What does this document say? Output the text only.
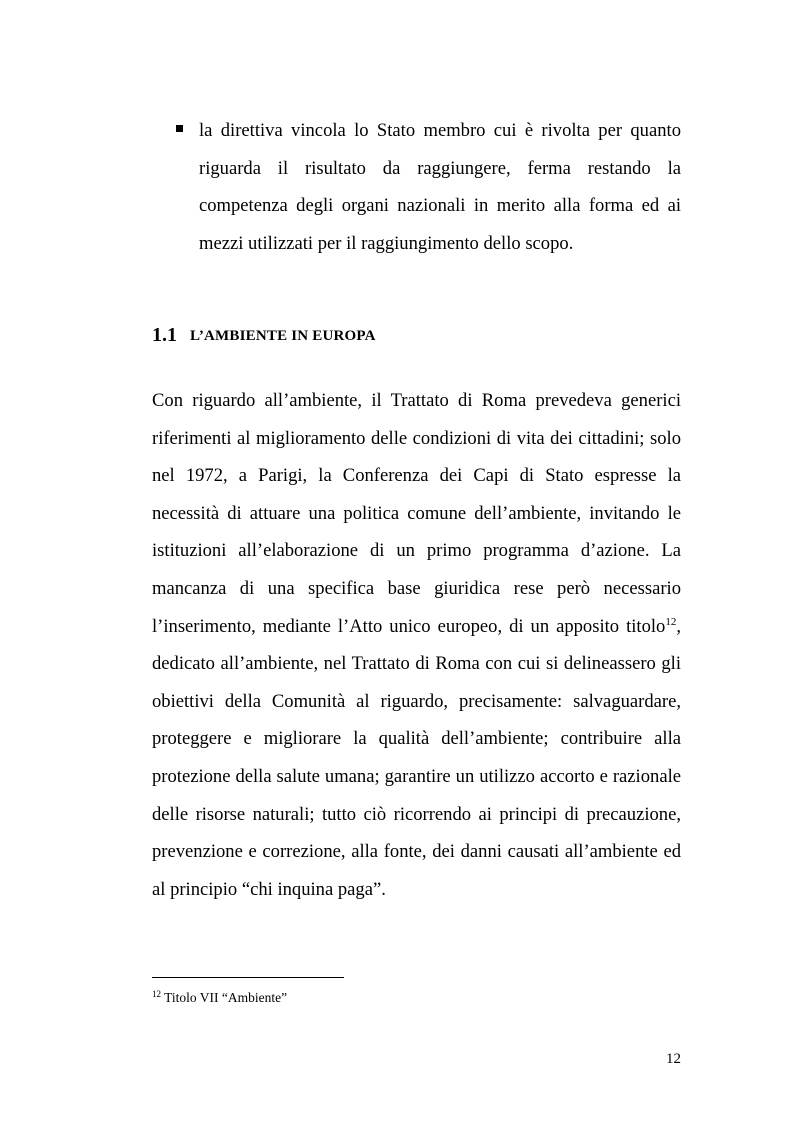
la direttiva vincola lo Stato membro cui è rivolta per quanto riguarda il risultato da raggiungere, ferma restando la competenza degli organi nazionali in merito alla forma ed ai mezzi utilizzati per il raggiungimento dello scopo.
1.1 L’AMBIENTE IN EUROPA
Con riguardo all’ambiente, il Trattato di Roma prevedeva generici riferimenti al miglioramento delle condizioni di vita dei cittadini; solo nel 1972, a Parigi, la Conferenza dei Capi di Stato espresse la necessità di attuare una politica comune dell’ambiente, invitando le istituzioni all’elaborazione di un primo programma d’azione. La mancanza di una specifica base giuridica rese però necessario l’inserimento, mediante l’Atto unico europeo, di un apposito titolo$^{12}$, dedicato all’ambiente, nel Trattato di Roma con cui si delineassero gli obiettivi della Comunità al riguardo, precisamente: salvaguardare, proteggere e migliorare la qualità dell’ambiente; contribuire alla protezione della salute umana; garantire un utilizzo accorto e razionale delle risorse naturali; tutto ciò ricorrendo ai principi di precauzione, prevenzione e correzione, alla fonte, dei danni causati all’ambiente ed al principio “chi inquina paga”.
$^{12}$ Titolo VII “Ambiente”
12
